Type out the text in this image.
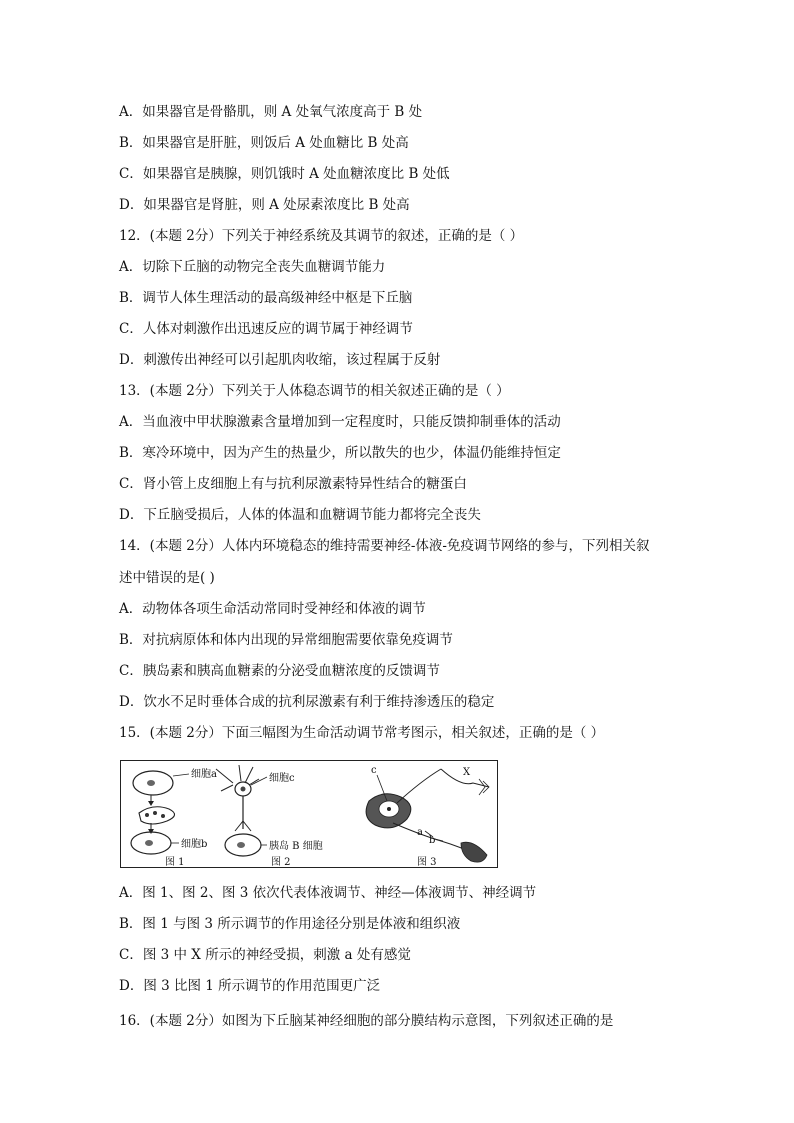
A．如果器官是骨骼肌，则 A 处氧气浓度高于 B 处
B．如果器官是肝脏，则饭后 A 处血糖比 B 处高
C．如果器官是胰腺，则饥饿时 A 处血糖浓度比 B 处低
D．如果器官是肾脏，则 A 处尿素浓度比 B 处高
12．(本题 2分）下列关于神经系统及其调节的叙述，正确的是（ ）
A．切除下丘脑的动物完全丧失血糖调节能力
B．调节人体生理活动的最高级神经中枢是下丘脑
C．人体对刺激作出迅速反应的调节属于神经调节
D．刺激传出神经可以引起肌肉收缩，该过程属于反射
13．(本题 2分）下列关于人体稳态调节的相关叙述正确的是（ ）
A．当血液中甲状腺激素含量增加到一定程度时，只能反馈抑制垂体的活动
B．寒冷环境中，因为产生的热量少，所以散失的也少，体温仍能维持恒定
C．肾小管上皮细胞上有与抗利尿激素特异性结合的糖蛋白
D．下丘脑受损后，人体的体温和血糖调节能力都将完全丧失
14．(本题 2分）人体内环境稳态的维持需要神经-体液-免疫调节网络的参与，下列相关叙
述中错误的是( )
A．动物体各项生命活动常同时受神经和体液的调节
B．对抗病原体和体内出现的异常细胞需要依靠免疫调节
C．胰岛素和胰高血糖素的分泌受血糖浓度的反馈调节
D．饮水不足时垂体合成的抗利尿激素有利于维持渗透压的稳定
15．(本题 2分）下面三幅图为生命活动调节常考图示，相关叙述，正确的是（ ）
细胞a
细胞b
图 1
细胞c
胰岛 B 细胞
图 2
c	X
a
b
图 3
A．图 1、图 2、图 3 依次代表体液调节、神经—体液调节、神经调节
B．图 1 与图 3 所示调节的作用途径分别是体液和组织液
C．图 3 中 X 所示的神经受损，刺激 a 处有感觉
D．图 3 比图 1 所示调节的作用范围更广泛
16．(本题 2分）如图为下丘脑某神经细胞的部分膜结构示意图，下列叙述正确的是
